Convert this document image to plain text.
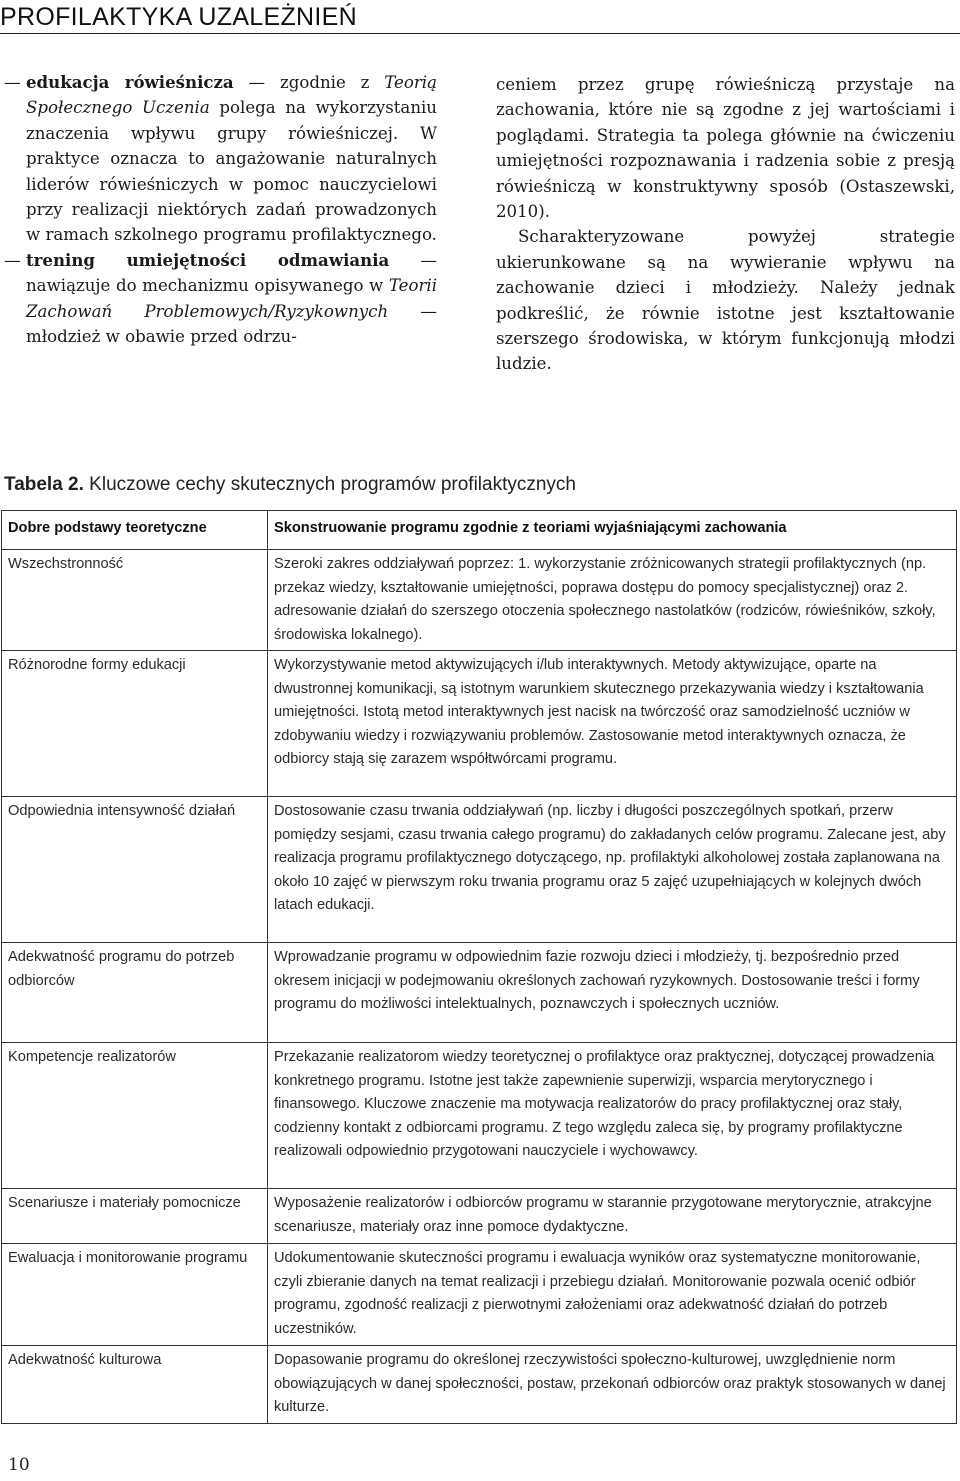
PROFILAKTYKA UZALEŻNIEŃ

— edukacja rówieśnicza — zgodnie z Teorią Społecznego Uczenia polega na wykorzystaniu znaczenia wpływu grupy rówieśniczej. W praktyce oznacza to angażowanie naturalnych liderów rówieśniczych w pomoc nauczycielowi przy realizacji niektórych zadań prowadzonych w ramach szkolnego programu profilaktycznego.

— trening umiejętności odmawiania — nawiązuje do mechanizmu opisywanego w Teorii Zachowań Problemowych/Ryzykownych — młodzież w obawie przed odrzu-

ceniem przez grupę rówieśniczą przystaje na zachowania, które nie są zgodne z jej wartościami i poglądami. Strategia ta polega głównie na ćwiczeniu umiejętności rozpoznawania i radzenia sobie z presją rówieśniczą w konstruktywny sposób (Ostaszewski, 2010).

Scharakteryzowane powyżej strategie ukierunkowane są na wywieranie wpływu na zachowanie dzieci i młodzieży. Należy jednak podkreślić, że równie istotne jest kształtowanie szerszego środowiska, w którym funkcjonują młodzi ludzie.

Tabela 2. Kluczowe cechy skutecznych programów profilaktycznych
Dobre podstawy teoretyczne	Skonstruowanie programu zgodnie z teoriami wyjaśniającymi zachowania
Wszechstronność	Szeroki zakres oddziaływań poprzez: 1. wykorzystanie zróżnicowanych strategii profilaktycznych (np. przekaz wiedzy, kształtowanie umiejętności, poprawa dostępu do pomocy specjalistycznej) oraz 2. adresowanie działań do szerszego otoczenia społecznego nastolatków (rodziców, rówieśników, szkoły, środowiska lokalnego).
Różnorodne formy edukacji	Wykorzystywanie metod aktywizujących i/lub interaktywnych. Metody aktywizujące, oparte na dwustronnej komunikacji, są istotnym warunkiem skutecznego przekazywania wiedzy i kształtowania umiejętności. Istotą metod interaktywnych jest nacisk na twórczość oraz samodzielność uczniów w zdobywaniu wiedzy i rozwiązywaniu problemów. Zastosowanie metod interaktywnych oznacza, że odbiorcy stają się zarazem współtwórcami programu.
Odpowiednia intensywność działań	Dostosowanie czasu trwania oddziaływań (np. liczby i długości poszczególnych spotkań, przerw pomiędzy sesjami, czasu trwania całego programu) do zakładanych celów programu. Zalecane jest, aby realizacja programu profilaktycznego dotyczącego, np. profilaktyki alkoholowej została zaplanowana na około 10 zajęć w pierwszym roku trwania programu oraz 5 zajęć uzupełniających w kolejnych dwóch latach edukacji.
Adekwatność programu do potrzeb odbiorców	Wprowadzanie programu w odpowiednim fazie rozwoju dzieci i młodzieży, tj. bezpośrednio przed okresem inicjacji w podejmowaniu określonych zachowań ryzykownych. Dostosowanie treści i formy programu do możliwości intelektualnych, poznawczych i społecznych uczniów.
Kompetencje realizatorów	Przekazanie realizatorom wiedzy teoretycznej o profilaktyce oraz praktycznej, dotyczącej prowadzenia konkretnego programu. Istotne jest także zapewnienie superwizji, wsparcia merytorycznego i finansowego. Kluczowe znaczenie ma motywacja realizatorów do pracy profilaktycznej oraz stały, codzienny kontakt z odbiorcami programu. Z tego względu zaleca się, by programy profilaktyczne realizowali odpowiednio przygotowani nauczyciele i wychowawcy.
Scenariusze i materiały pomocnicze	Wyposażenie realizatorów i odbiorców programu w starannie przygotowane merytorycznie, atrakcyjne scenariusze, materiały oraz inne pomoce dydaktyczne.
Ewaluacja i monitorowanie programu	Udokumentowanie skuteczności programu i ewaluacja wyników oraz systematyczne monitorowanie, czyli zbieranie danych na temat realizacji i przebiegu działań. Monitorowanie pozwala ocenić odbiór programu, zgodność realizacji z pierwotnymi założeniami oraz adekwatność działań do potrzeb uczestników.
Adekwatność kulturowa	Dopasowanie programu do określonej rzeczywistości społeczno-kulturowej, uwzględnienie norm obowiązujących w danej społeczności, postaw, przekonań odbiorców oraz praktyk stosowanych w danej kulturze.
10
